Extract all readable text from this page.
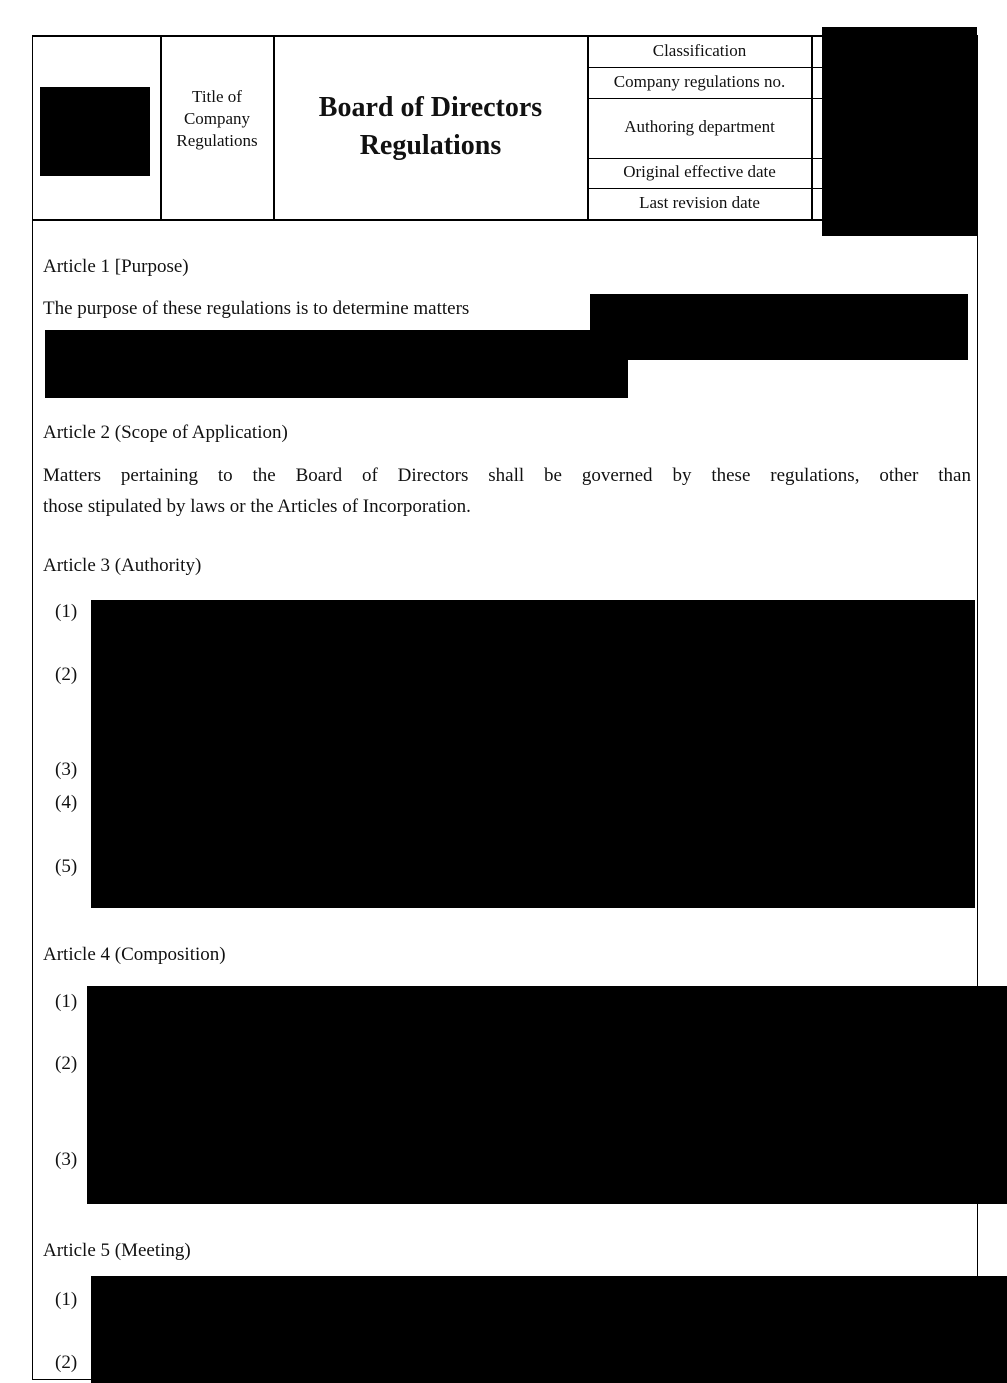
Title of
Company
Regulations
Board of Directors
Regulations
Classification
Company regulations no.
Authoring department
Original effective date
Last revision date
Article 1 [Purpose)
The purpose of these regulations is to determine matters
Article 2 (Scope of Application)
Matters pertaining to the Board of Directors shall be governed by these regulations, other than
those stipulated by laws or the Articles of Incorporation.
Article 3 (Authority)
(1)
(2)
(3)
(4)
(5)
Article 4 (Composition)
(1)
(2)
(3)
Article 5 (Meeting)
(1)
(2)
